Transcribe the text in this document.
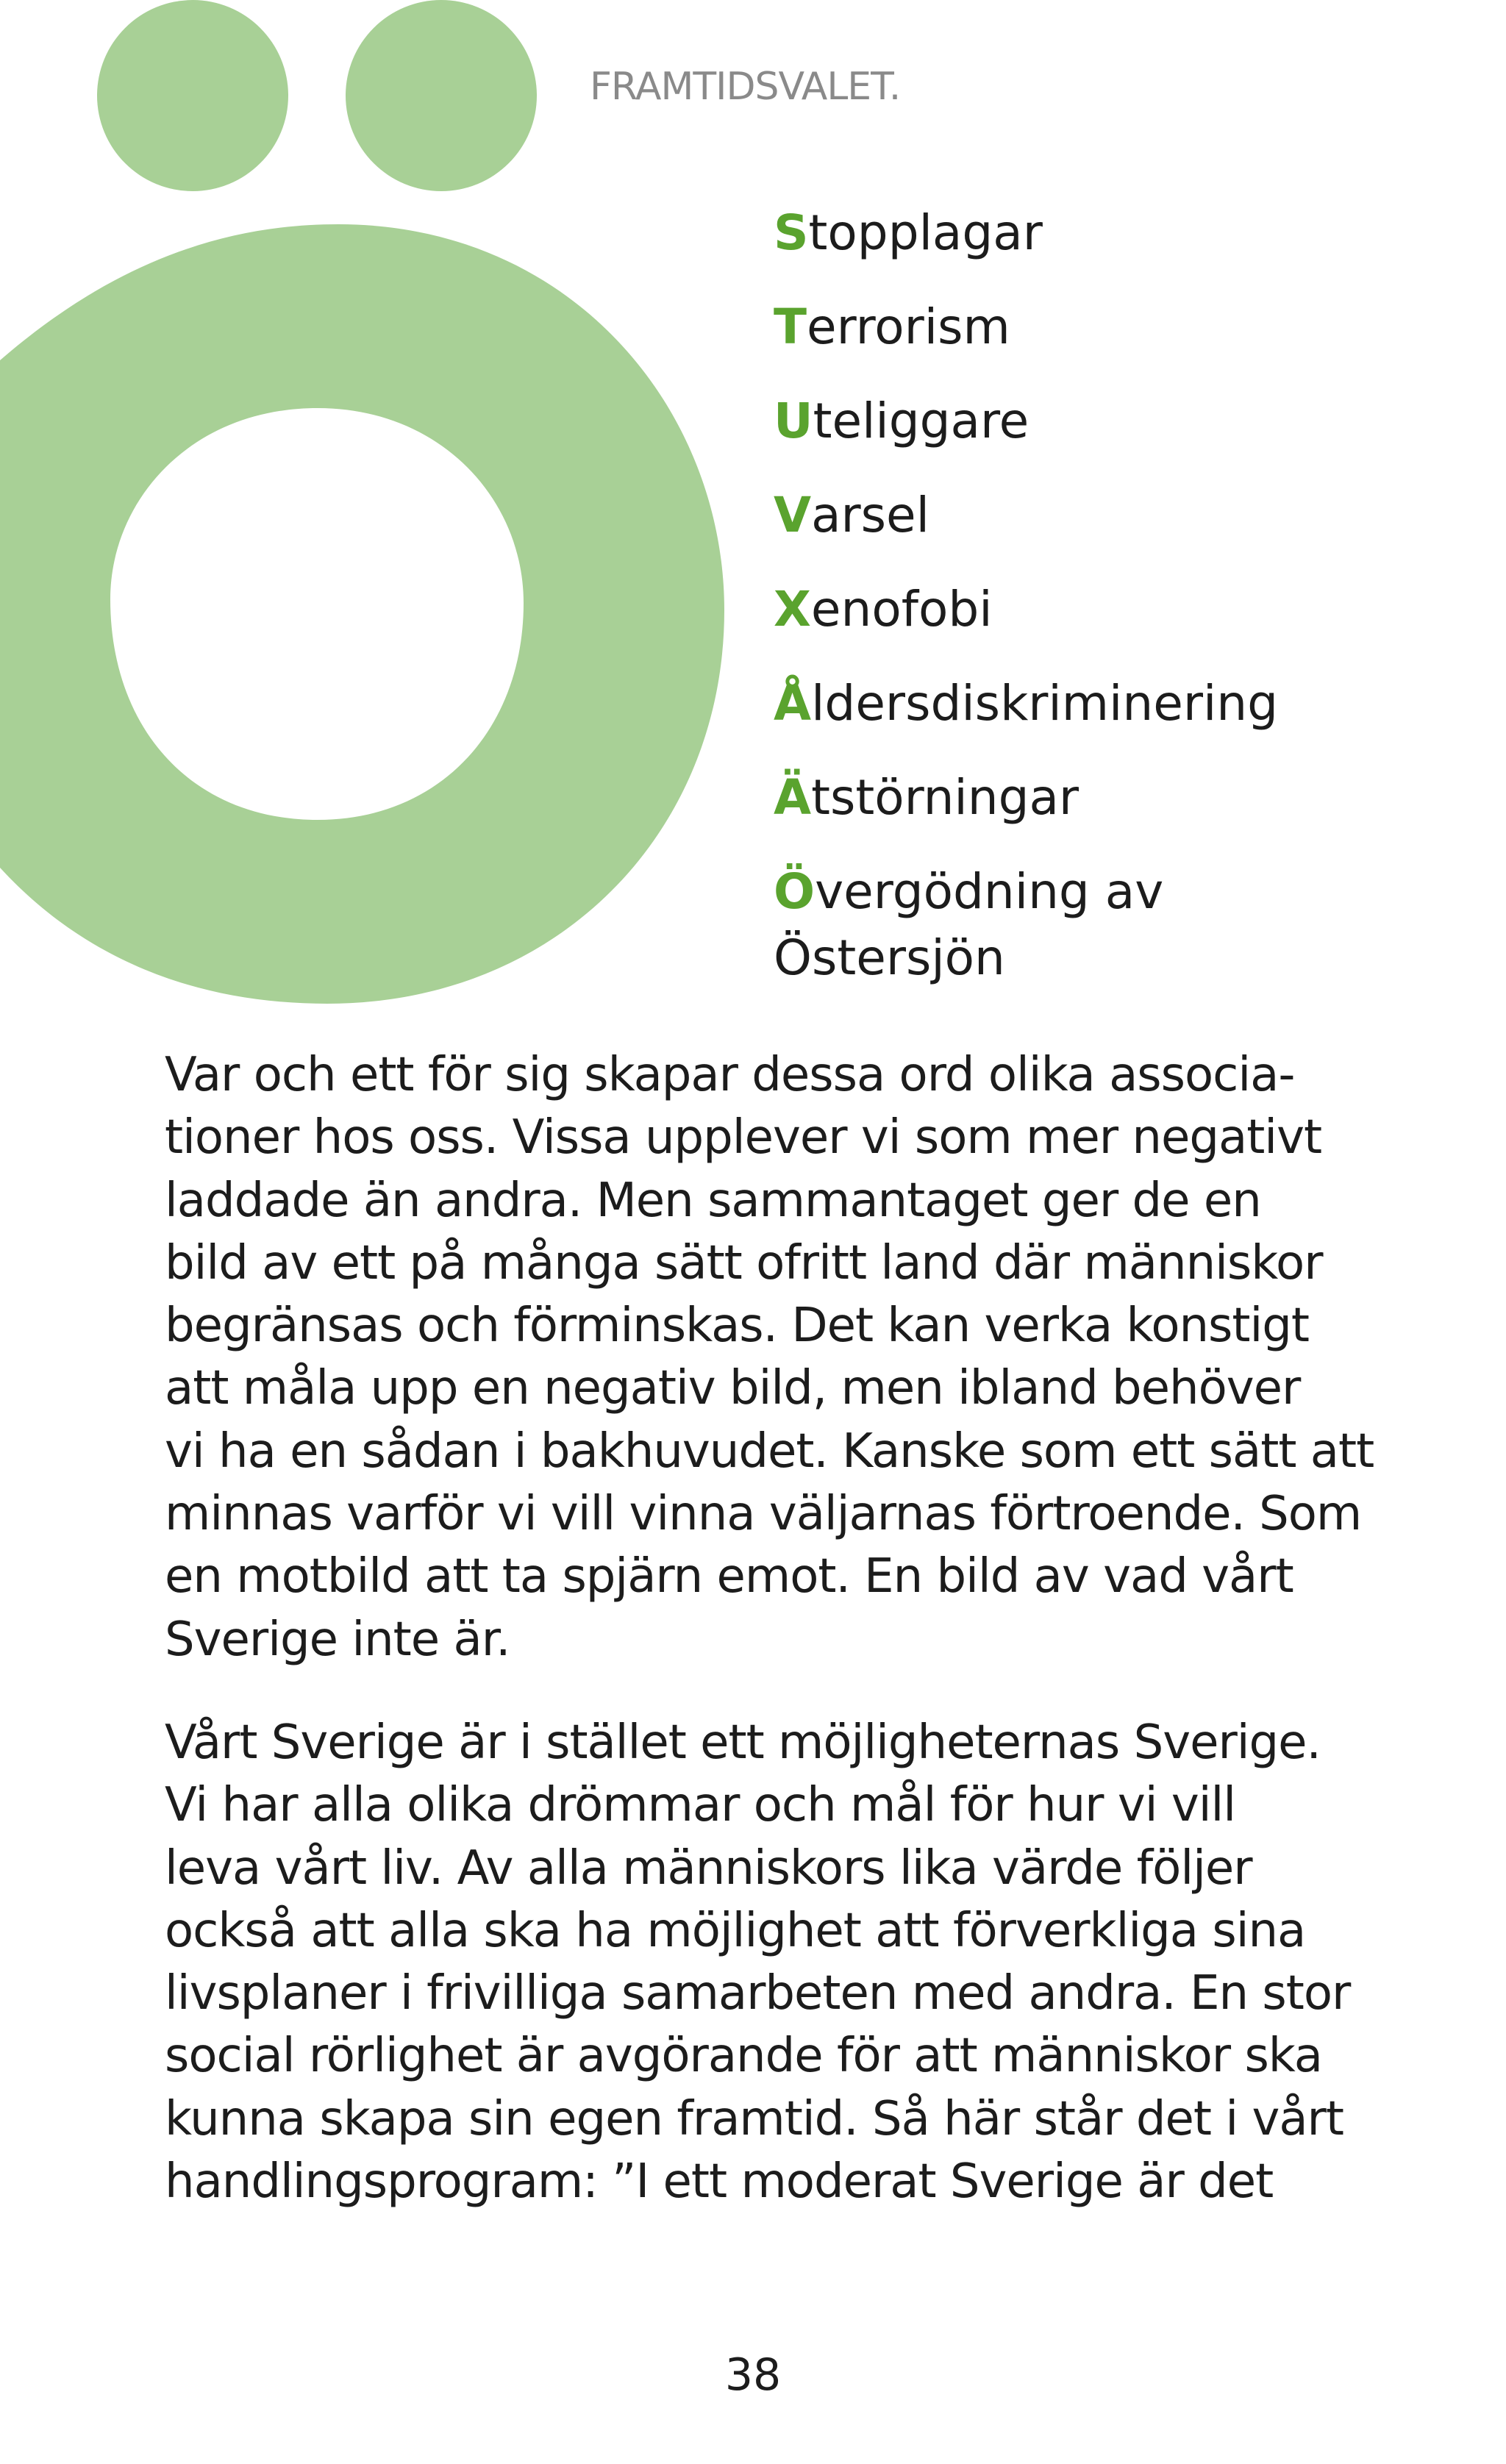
FRAMTIDSVALET.
Stopplagar
Terrorism
Uteliggare
Varsel
Xenofobi
Åldersdiskriminering
Ätstörningar
Övergödning av Östersjön

Var och ett för sig skapar dessa ord olika associa-
tioner hos oss. Vissa upplever vi som mer negativt
laddade än andra. Men sammantaget ger de en
bild av ett på många sätt ofritt land där människor
begränsas och förminskas. Det kan verka konstigt
att måla upp en negativ bild, men ibland behöver
vi ha en sådan i bakhuvudet. Kanske som ett sätt att
minnas varför vi vill vinna väljarnas förtroende. Som
en motbild att ta spjärn emot. En bild av vad vårt
Sverige inte är.

Vårt Sverige är i stället ett möjligheternas Sverige.
Vi har alla olika drömmar och mål för hur vi vill
leva vårt liv. Av alla människors lika värde följer
också att alla ska ha möjlighet att förverkliga sina
livsplaner i frivilliga samarbeten med andra. En stor
social rörlighet är avgörande för att människor ska
kunna skapa sin egen framtid. Så här står det i vårt
handlingsprogram: ”I ett moderat Sverige är det

38
